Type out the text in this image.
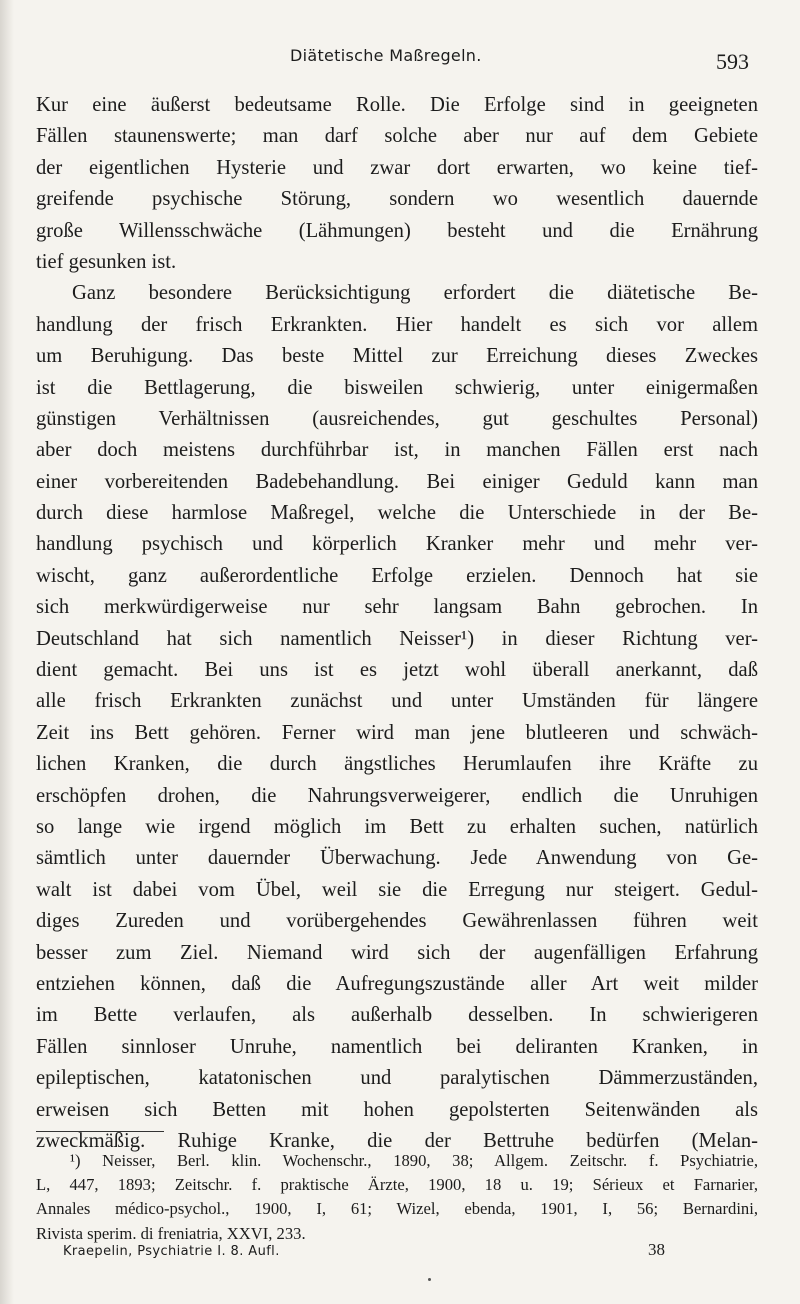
Diätetische Maßregeln.	593
Kur eine äußerst bedeutsame Rolle. Die Erfolge sind in geeigneten
Fällen staunenswerte; man darf solche aber nur auf dem Gebiete
der eigentlichen Hysterie und zwar dort erwarten, wo keine tief-
greifende psychische Störung, sondern wo wesentlich dauernde
große Willensschwäche (Lähmungen) besteht und die Ernährung
tief gesunken ist.
Ganz besondere Berücksichtigung erfordert die diätetische Be-
handlung der frisch Erkrankten. Hier handelt es sich vor allem
um Beruhigung. Das beste Mittel zur Erreichung dieses Zweckes
ist die Bettlagerung, die bisweilen schwierig, unter einigermaßen
günstigen Verhältnissen (ausreichendes, gut geschultes Personal)
aber doch meistens durchführbar ist, in manchen Fällen erst nach
einer vorbereitenden Badebehandlung. Bei einiger Geduld kann man
durch diese harmlose Maßregel, welche die Unterschiede in der Be-
handlung psychisch und körperlich Kranker mehr und mehr ver-
wischt, ganz außerordentliche Erfolge erzielen. Dennoch hat sie
sich merkwürdigerweise nur sehr langsam Bahn gebrochen. In
Deutschland hat sich namentlich Neisser¹) in dieser Richtung ver-
dient gemacht. Bei uns ist es jetzt wohl überall anerkannt, daß
alle frisch Erkrankten zunächst und unter Umständen für längere
Zeit ins Bett gehören. Ferner wird man jene blutleeren und schwäch-
lichen Kranken, die durch ängstliches Herumlaufen ihre Kräfte zu
erschöpfen drohen, die Nahrungsverweigerer, endlich die Unruhigen
so lange wie irgend möglich im Bett zu erhalten suchen, natürlich
sämtlich unter dauernder Überwachung. Jede Anwendung von Ge-
walt ist dabei vom Übel, weil sie die Erregung nur steigert. Gedul-
diges Zureden und vorübergehendes Gewährenlassen führen weit
besser zum Ziel. Niemand wird sich der augenfälligen Erfahrung
entziehen können, daß die Aufregungszustände aller Art weit milder
im Bette verlaufen, als außerhalb desselben. In schwierigeren
Fällen sinnloser Unruhe, namentlich bei deliranten Kranken, in
epileptischen, katatonischen und paralytischen Dämmerzuständen,
erweisen sich Betten mit hohen gepolsterten Seitenwänden als
zweckmäßig. Ruhige Kranke, die der Bettruhe bedürfen (Melan-
¹) Neisser, Berl. klin. Wochenschr., 1890, 38; Allgem. Zeitschr. f. Psychiatrie,
L, 447, 1893; Zeitschr. f. praktische Ärzte, 1900, 18 u. 19; Sérieux et Farnarier,
Annales médico-psychol., 1900, I, 61; Wizel, ebenda, 1901, I, 56; Bernardini,
Rivista sperim. di freniatria, XXVI, 233.
Kraepelin, Psychiatrie I. 8. Aufl.	38
